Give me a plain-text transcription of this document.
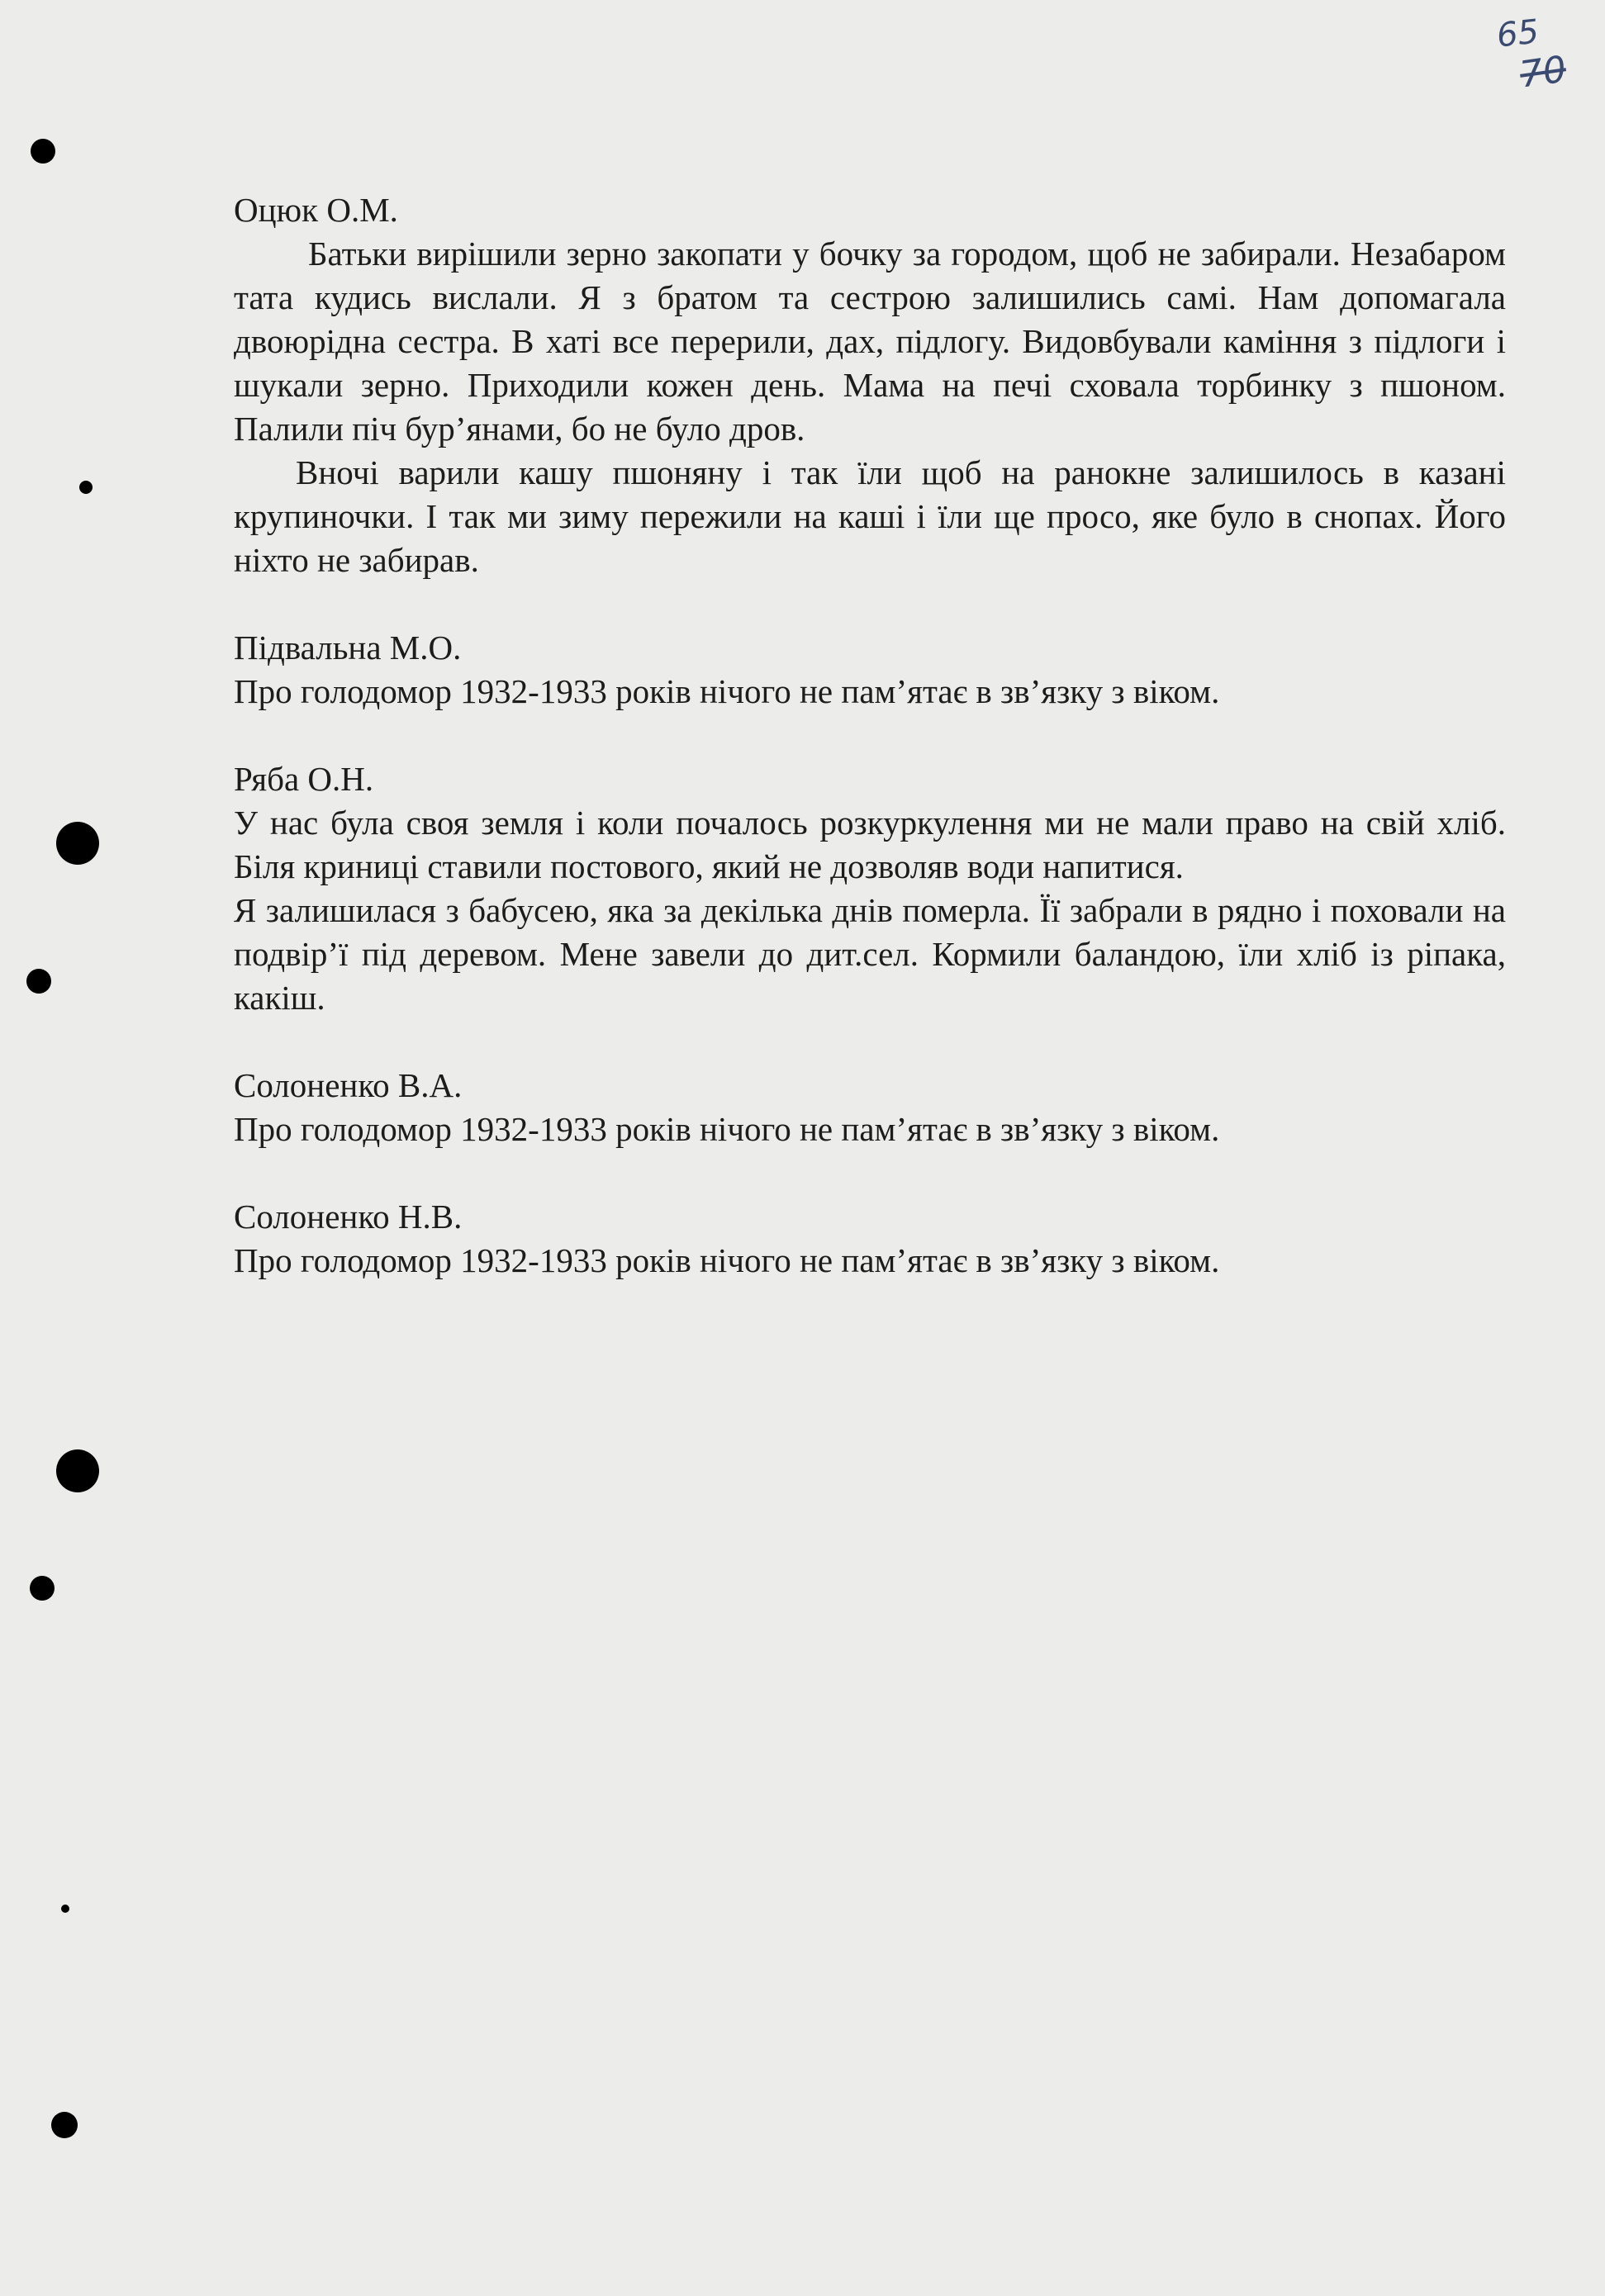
65
70

Оцюк О.М.

Батьки вирішили зерно закопати у бочку за городом, щоб не забирали. Незабаром тата кудись вислали. Я з братом та сестрою залишились самі. Нам допомагала двоюрідна сестра. В хаті все перерили, дах, підлогу. Видовбували каміння з підлоги і шукали зерно. Приходили кожен день. Мама на печі сховала торбинку з пшоном. Палили піч бур’янами, бо не було дров.

Вночі варили кашу пшоняну і так їли щоб на ранокне залишилось в казані крупиночки. І так ми зиму пережили на каші і їли ще просо, яке було в снопах. Його ніхто не забирав.

Підвальна М.О.

Про голодомор 1932-1933 років нічого не пам’ятає в зв’язку з віком.

Ряба О.Н.

У нас була своя земля і коли почалось розкуркулення ми не мали право на свій хліб. Біля криниці ставили постового, який не дозволяв води напитися.

Я залишилася з бабусею, яка за декілька днів померла. Її забрали в рядно і поховали на подвір’ї під деревом. Мене завели до дит.сел. Кормили баландою, їли хліб із ріпака, какіш.

Солоненко В.А.

Про голодомор 1932-1933 років нічого не пам’ятає в зв’язку з віком.

Солоненко Н.В.

Про голодомор 1932-1933 років нічого не пам’ятає в зв’язку з віком.
